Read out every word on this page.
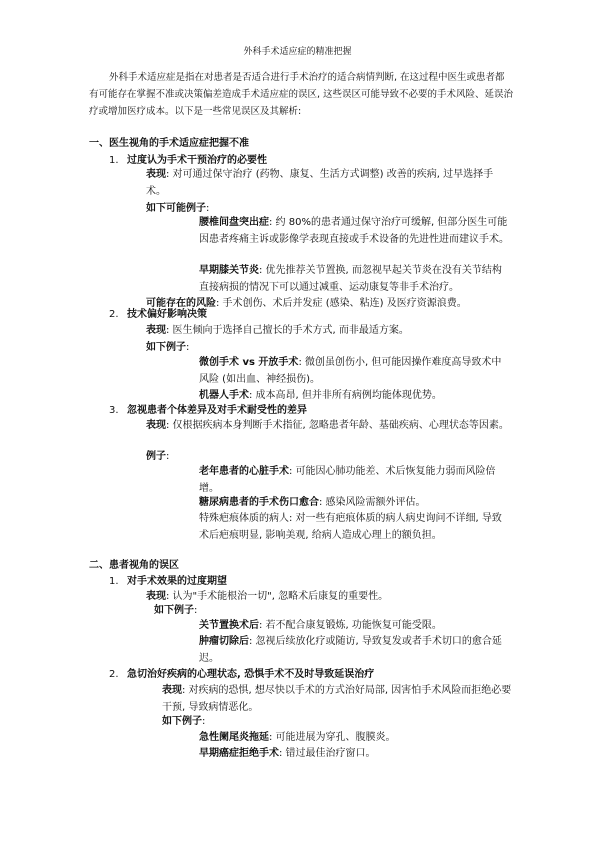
外科手术适应症的精准把握
外科手术适应症是指在对患者是否适合进行手术治疗的适合病情判断, 在这过程中医生或患者都有可能存在掌握不准或决策偏差造成手术适应症的误区, 这些误区可能导致不必要的手术风险、延误治疗或增加医疗成本。以下是一些常见误区及其解析:
一、医生视角的手术适应症把握不准
1. 过度认为手术干预治疗的必要性
表现: 对可通过保守治疗 (药物、康复、生活方式调整) 改善的疾病, 过早选择手术。
如下可能例子:
腰椎间盘突出症: 约 80%的患者通过保守治疗可缓解, 但部分医生可能因患者疼痛主诉或影像学表现直接或手术设备的先进性进而建议手术。
早期膝关节炎: 优先推荐关节置换, 而忽视早起关节炎在没有关节结构直接病损的情况下可以通过减重、运动康复等非手术治疗。
可能存在的风险: 手术创伤、术后并发症 (感染、粘连) 及医疗资源浪费。
2. 技术偏好影响决策
表现: 医生倾向于选择自己擅长的手术方式, 而非最适方案。
如下例子:
微创手术 vs 开放手术: 微创虽创伤小, 但可能因操作难度高导致术中风险 (如出血、神经损伤)。
机器人手术: 成本高昂, 但并非所有病例均能体现优势。
3. 忽视患者个体差异及对手术耐受性的差异
表现: 仅根据疾病本身判断手术指征, 忽略患者年龄、基础疾病、心理状态等因素。
例子:
老年患者的心脏手术: 可能因心肺功能差、术后恢复能力弱而风险倍增。
糖尿病患者的手术伤口愈合: 感染风险需额外评估。
特殊疤痕体质的病人: 对一些有疤痕体质的病人病史询问不详细, 导致术后疤痕明显, 影响美观, 给病人造成心理上的额负担。
二、患者视角的误区
1. 对手术效果的过度期望
表现: 认为"手术能根治一切", 忽略术后康复的重要性。
如下例子:
关节置换术后: 若不配合康复锻炼, 功能恢复可能受限。
肿瘤切除后: 忽视后续放化疗或随访, 导致复发或者手术切口的愈合延迟。
2. 急切治好疾病的心理状态, 恐惧手术不及时导致延误治疗
表现: 对疾病的恐惧, 想尽快以手术的方式治好局部, 因害怕手术风险而拒绝必要干预, 导致病情恶化。
如下例子:
急性阑尾炎拖延: 可能进展为穿孔、腹膜炎。
早期癌症拒绝手术: 错过最佳治疗窗口。
